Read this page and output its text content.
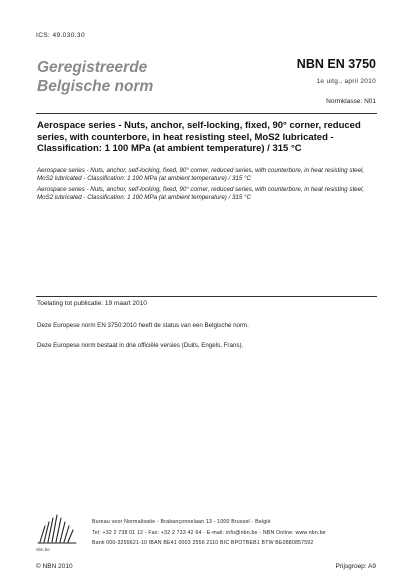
ICS: 49.030.30
Geregistreerde
Belgische norm
NBN EN 3750
1e uitg., april 2010
Normklasse: N01
Aerospace series - Nuts, anchor, self-locking, fixed, 90° corner, reduced series, with counterbore, in heat resisting steel, MoS2 lubricated - Classification: 1 100 MPa (at ambient temperature) / 315 °C
Aerospace series - Nuts, anchor, self-locking, fixed, 90° corner, reduced series, with counterbore, in heat resisting steel, MoS2 lubricated - Classification: 1 100 MPa (at ambient temperature) / 315 °C
Aerospace series - Nuts, anchor, self-locking, fixed, 90° corner, reduced series, with counterbore, in heat resisting steel, MoS2 lubricated - Classification: 1 100 MPa (at ambient temperature) / 315 °C
Toelating tot publicatie: 19 maart 2010
Deze Europese norm EN 3750:2010 heeft de status van een Belgische norm.
Deze Europese norm bestaat in drie officiële versies (Duits, Engels, Frans).
nbn.be
Bureau voor Normalisatie - Brabançonnelaan 13 - 1000 Brussel - België
Tel: +32 2 738 01 12 - Fax: +32 2 733 42 64 - E-mail: info@nbn.be - NBN Online: www.nbn.be
Bank 000-3255621-10 IBAN BE41 0003 2556 2110 BIC BPOTBEB1 BTW BE0880857592
© NBN 2010	Prijsgroep: A9
